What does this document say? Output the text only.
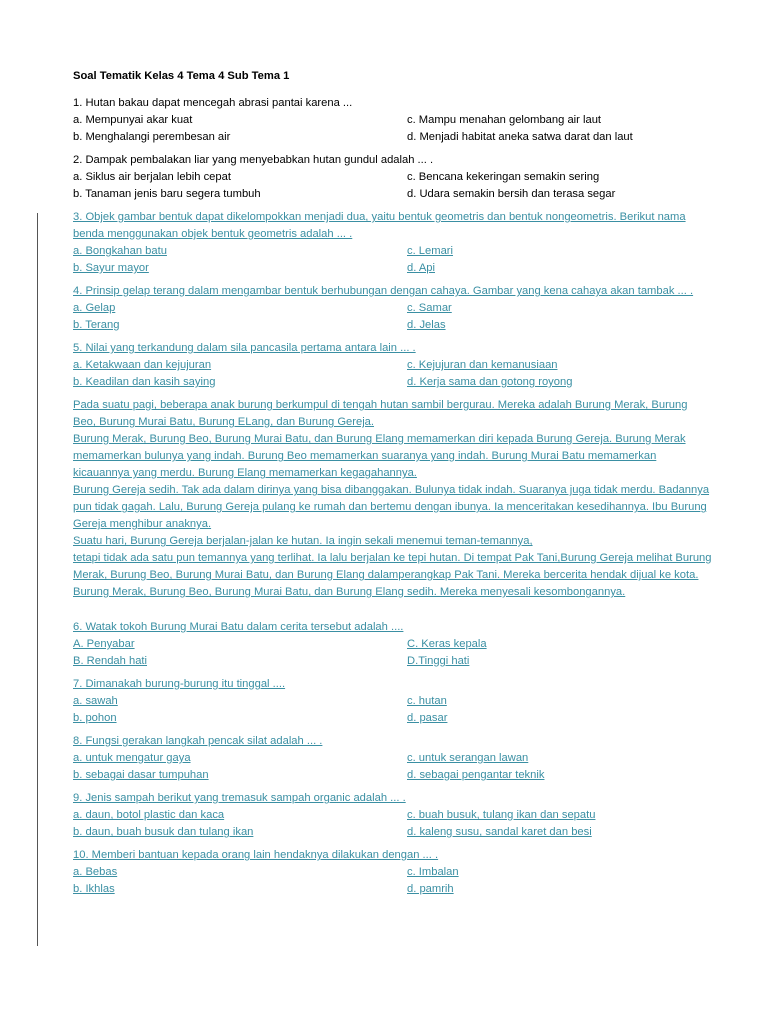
Soal Tematik Kelas 4 Tema 4 Sub Tema 1
1. Hutan bakau dapat mencegah abrasi pantai karena ...
a. Mempunyai akar kuat	c. Mampu menahan gelombang air laut
b. Menghalangi perembesan air	d. Menjadi habitat aneka satwa darat dan laut
2. Dampak pembalakan liar yang menyebabkan hutan gundul adalah ... .
a. Siklus air berjalan lebih cepat	c. Bencana kekeringan semakin sering
b. Tanaman jenis baru segera tumbuh	d. Udara semakin bersih dan terasa segar
3. Objek gambar bentuk dapat dikelompokkan menjadi dua, yaitu bentuk geometris dan bentuk nongeometris. Berikut nama benda menggunakan objek bentuk geometris adalah ... .
a. Bongkahan batu	c. Lemari
b. Sayur mayor	d. Api
4. Prinsip gelap terang dalam mengambar bentuk berhubungan dengan cahaya. Gambar yang kena cahaya akan tambak ... .
a. Gelap	c. Samar
b. Terang	d. Jelas
5. Nilai yang terkandung dalam sila pancasila pertama antara lain ... .
a. Ketakwaan dan kejujuran	c. Kejujuran dan kemanusiaan
b. Keadilan dan kasih saying	d. Kerja sama dan gotong royong
Pada suatu pagi, beberapa anak burung berkumpul di tengah hutan sambil bergurau. Mereka adalah Burung Merak, Burung Beo, Burung Murai Batu, Burung ELang, dan Burung Gereja.
Burung Merak, Burung Beo, Burung Murai Batu, dan Burung Elang memamerkan diri kepada Burung Gereja. Burung Merak memamerkan bulunya yang indah. Burung Beo memamerkan suaranya yang indah. Burung Murai Batu memamerkan kicauannya yang merdu. Burung Elang memamerkan kegagahannya.
Burung Gereja sedih. Tak ada dalam dirinya yang bisa dibanggakan. Bulunya tidak indah. Suaranya juga tidak merdu. Badannya pun tidak gagah. Lalu, Burung Gereja pulang ke rumah dan bertemu dengan ibunya. Ia menceritakan kesedihannya. Ibu Burung Gereja menghibur anaknya.
Suatu hari, Burung Gereja berjalan-jalan ke hutan. Ia ingin sekali menemui teman-temannya,
tetapi tidak ada satu pun temannya yang terlihat. Ia lalu berjalan ke tepi hutan. Di tempat Pak Tani,Burung Gereja melihat Burung Merak, Burung Beo, Burung Murai Batu, dan Burung Elang dalamperangkap Pak Tani. Mereka bercerita hendak dijual ke kota. Burung Merak, Burung Beo, Burung Murai Batu, dan Burung Elang sedih. Mereka menyesali kesombongannya.
6. Watak tokoh Burung Murai Batu dalam cerita tersebut adalah ....
A. Penyabar	C. Keras kepala
B. Rendah hati	D.Tinggi hati
7. Dimanakah burung-burung itu tinggal ....
a. sawah	c. hutan
b. pohon	d. pasar
8. Fungsi gerakan langkah pencak silat adalah ... .
a. untuk mengatur gaya	c. untuk serangan lawan
b. sebagai dasar tumpuhan	d. sebagai pengantar teknik
9. Jenis sampah berikut yang tremasuk sampah organic adalah ... .
a. daun, botol plastic dan kaca	c. buah busuk, tulang ikan dan sepatu
b. daun, buah busuk dan tulang ikan	d. kaleng susu, sandal karet dan besi
10. Memberi bantuan kepada orang lain hendaknya dilakukan dengan ... .
a. Bebas	c. Imbalan
b. Ikhlas	d. pamrih
